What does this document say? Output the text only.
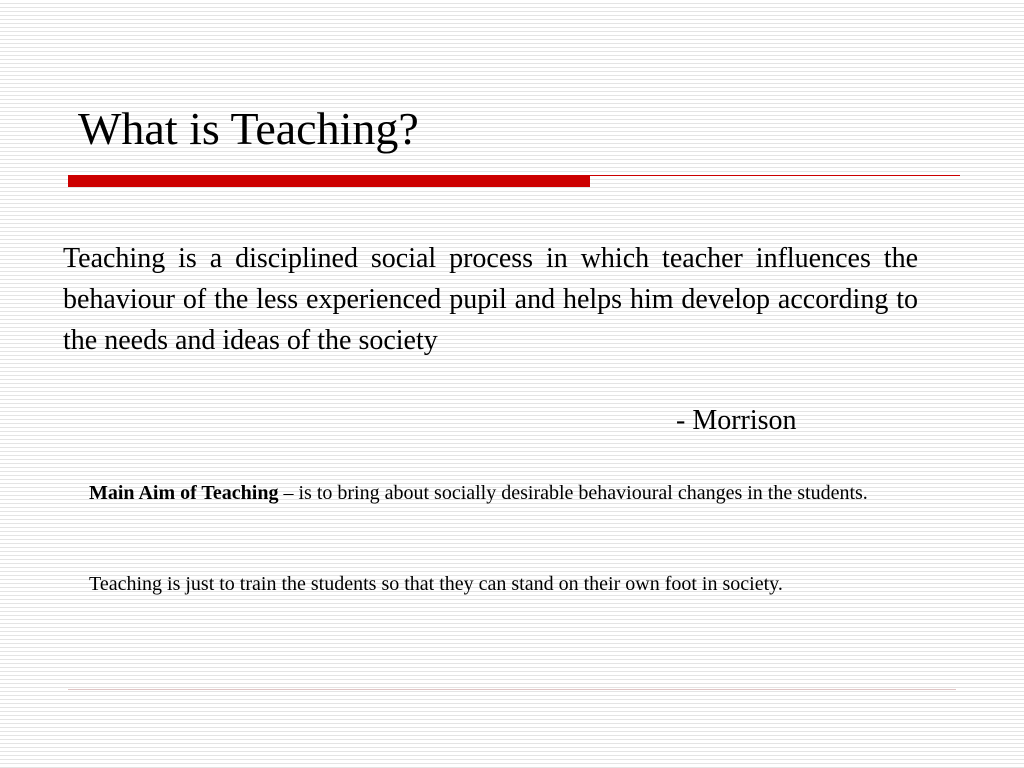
What is Teaching?

Teaching is a disciplined social process in which teacher influences the behaviour of the less experienced pupil and helps him develop according to the needs and ideas of the society

- Morrison

Main Aim of Teaching – is to bring about socially desirable behavioural changes in the students.

Teaching is just to train the students so that they can stand on their own foot in society.
